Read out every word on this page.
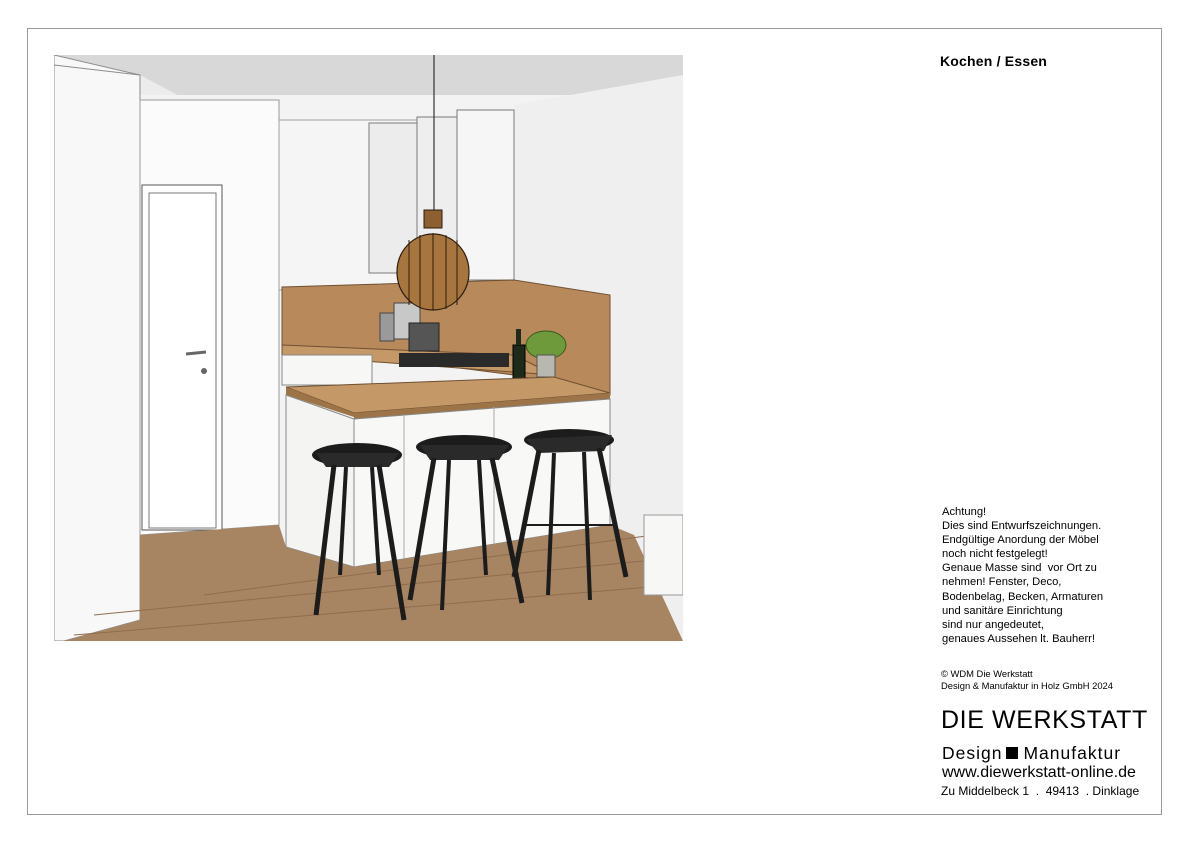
Kochen / Essen
Achtung!
Dies sind Entwurfszeichnungen.
Endgültige Anordung der Möbel
noch nicht festgelegt!
Genaue Masse sind  vor Ort zu
nehmen! Fenster, Deco,
Bodenbelag, Becken, Armaturen
und sanitäre Einrichtung
sind nur angedeutet,
genaues Aussehen lt. Bauherr!
© WDM Die Werkstatt
Design & Manufaktur in Holz GmbH 2024
DIE WERKSTATT
Design Manufaktur
www.diewerkstatt-online.de
Zu Middelbeck 1  .  49413  . Dinklage
